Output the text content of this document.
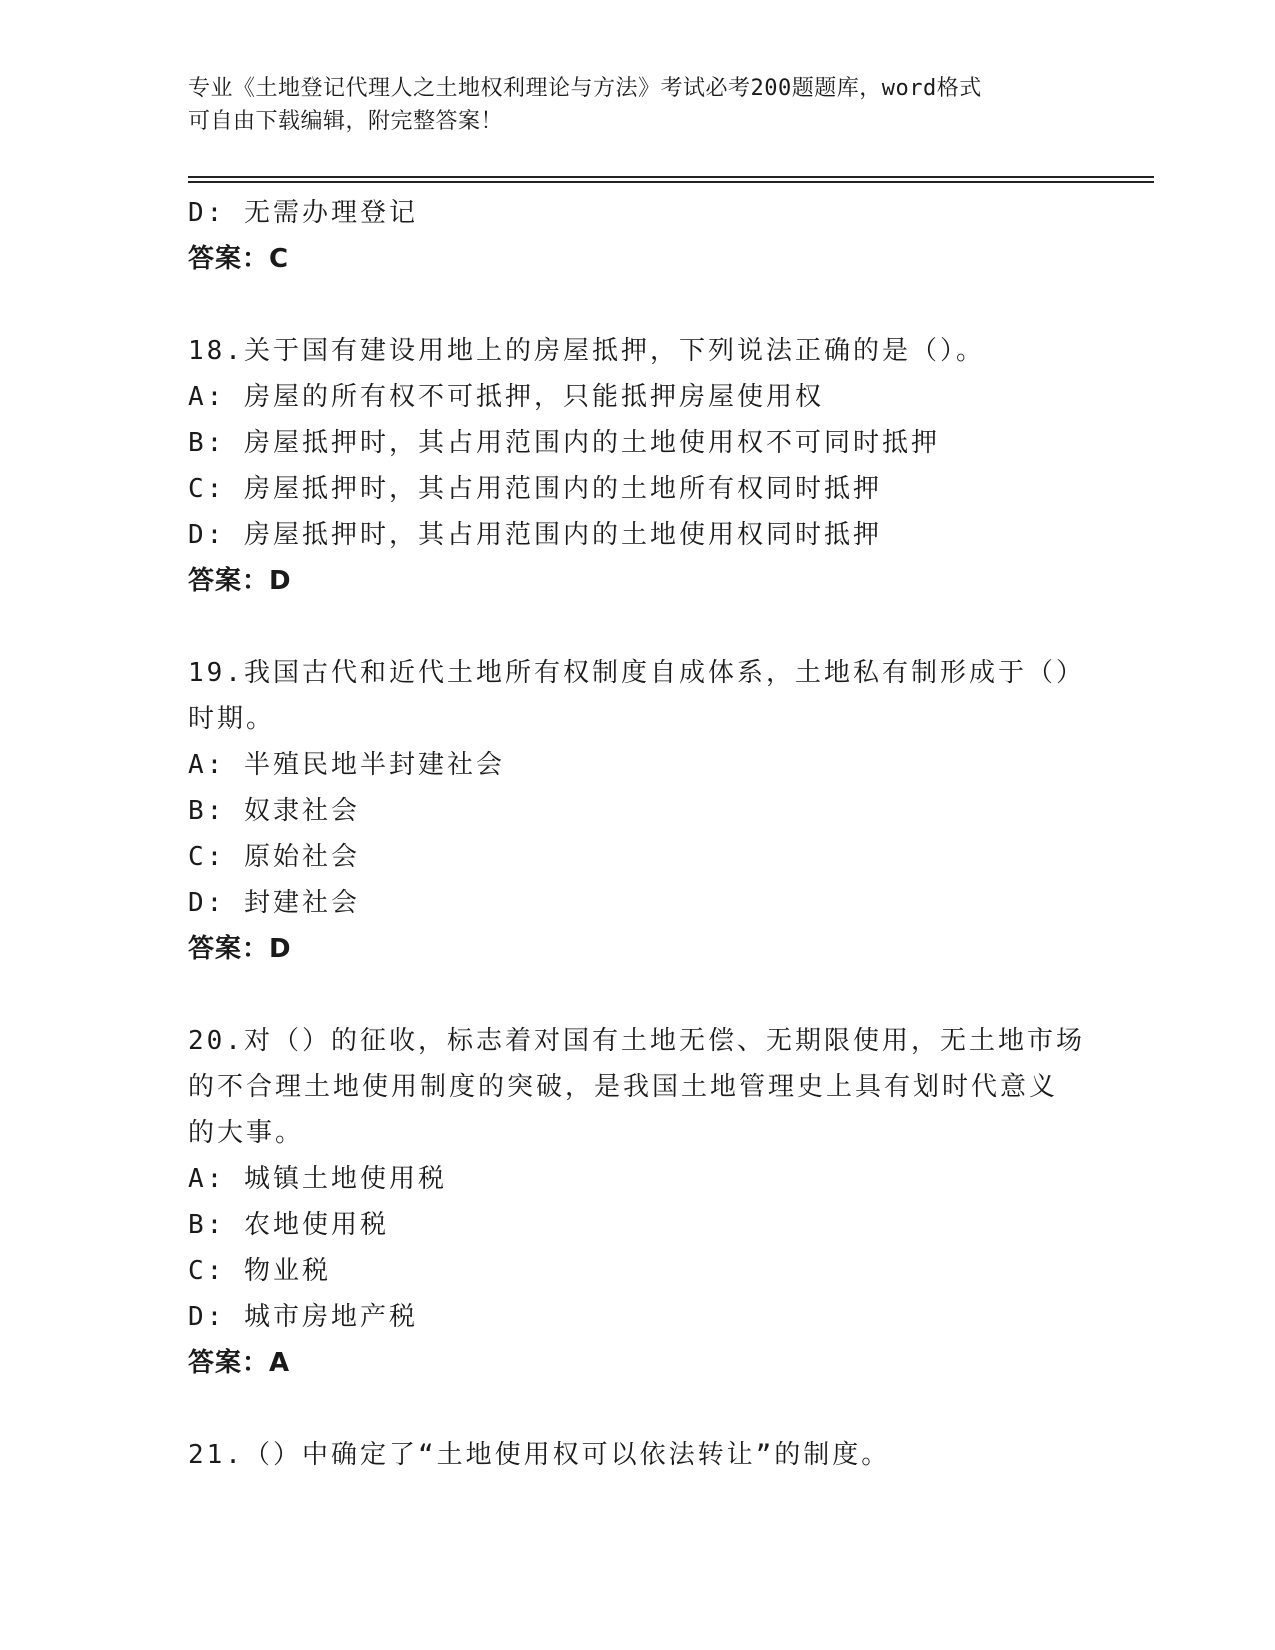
专业《土地登记代理人之土地权利理论与方法》考试必考200题题库，word格式
可自由下载编辑，附完整答案！
D: 无需办理登记
答案：C
18.关于国有建设用地上的房屋抵押，下列说法正确的是（）。
A: 房屋的所有权不可抵押，只能抵押房屋使用权
B: 房屋抵押时，其占用范围内的土地使用权不可同时抵押
C: 房屋抵押时，其占用范围内的土地所有权同时抵押
D: 房屋抵押时，其占用范围内的土地使用权同时抵押
答案：D
19.我国古代和近代土地所有权制度自成体系，土地私有制形成于（）
时期。
A: 半殖民地半封建社会
B: 奴隶社会
C: 原始社会
D: 封建社会
答案：D
20.对（）的征收，标志着对国有土地无偿、无期限使用，无土地市场
的不合理土地使用制度的突破，是我国土地管理史上具有划时代意义
的大事。
A: 城镇土地使用税
B: 农地使用税
C: 物业税
D: 城市房地产税
答案：A
21.（）中确定了“土地使用权可以依法转让”的制度。
